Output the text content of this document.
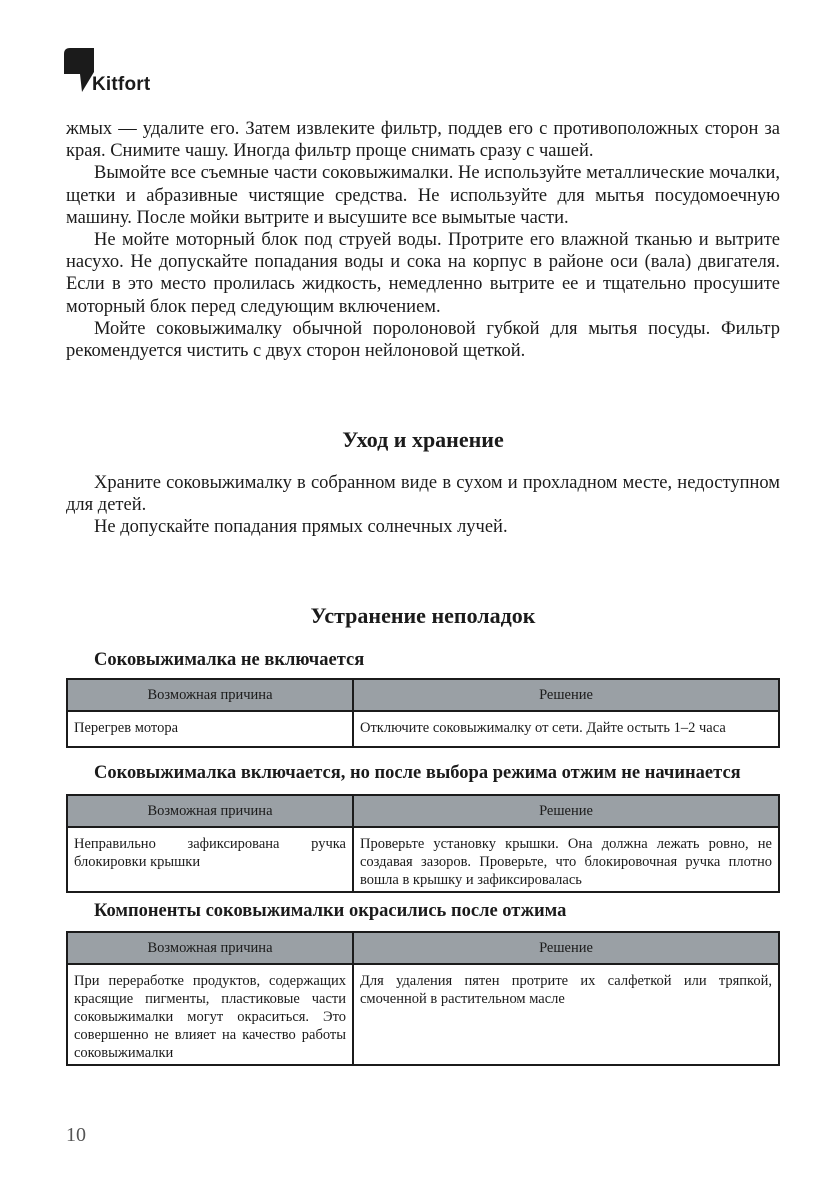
Kitfort

жмых — удалите его. Затем извлеките фильтр, поддев его с противоположных сторон за края. Снимите чашу. Иногда фильтр проще снимать сразу с чашей.

Вымойте все съемные части соковыжималки. Не используйте металлические мочалки, щетки и абразивные чистящие средства. Не используйте для мытья посудомоечную машину. После мойки вытрите и высушите все вымытые части.

Не мойте моторный блок под струей воды. Протрите его влажной тканью и вытрите насухо. Не допускайте попадания воды и сока на корпус в районе оси (вала) двигателя. Если в это место пролилась жидкость, немедленно вытрите ее и тщательно просушите моторный блок перед следующим включением.

Мойте соковыжималку обычной поролоновой губкой для мытья посуды. Фильтр рекомендуется чистить с двух сторон нейлоновой щеткой.

Уход и хранение

Храните соковыжималку в собранном виде в сухом и прохладном месте, недоступном для детей.

Не допускайте попадания прямых солнечных лучей.

Устранение неполадок
Соковыжималка не включается
Возможная причина	Решение
Перегрев мотора	Отключите соковыжималку от сети. Дайте остыть 1–2 часа
Соковыжималка включается, но после выбора режима отжим не начинается
Возможная причина	Решение
Неправильно зафиксирована ручка блокировки крышки	Проверьте установку крышки. Она должна лежать ровно, не создавая зазоров. Проверьте, что блокировочная ручка плотно вошла в крышку и зафиксировалась
Компоненты соковыжималки окрасились после отжима
Возможная причина	Решение
При переработке продуктов, содержащих красящие пигменты, пластиковые части соковыжималки могут окраситься. Это совершенно не влияет на качество работы соковыжималки	Для удаления пятен протрите их салфеткой или тряпкой, смоченной в растительном масле
10
